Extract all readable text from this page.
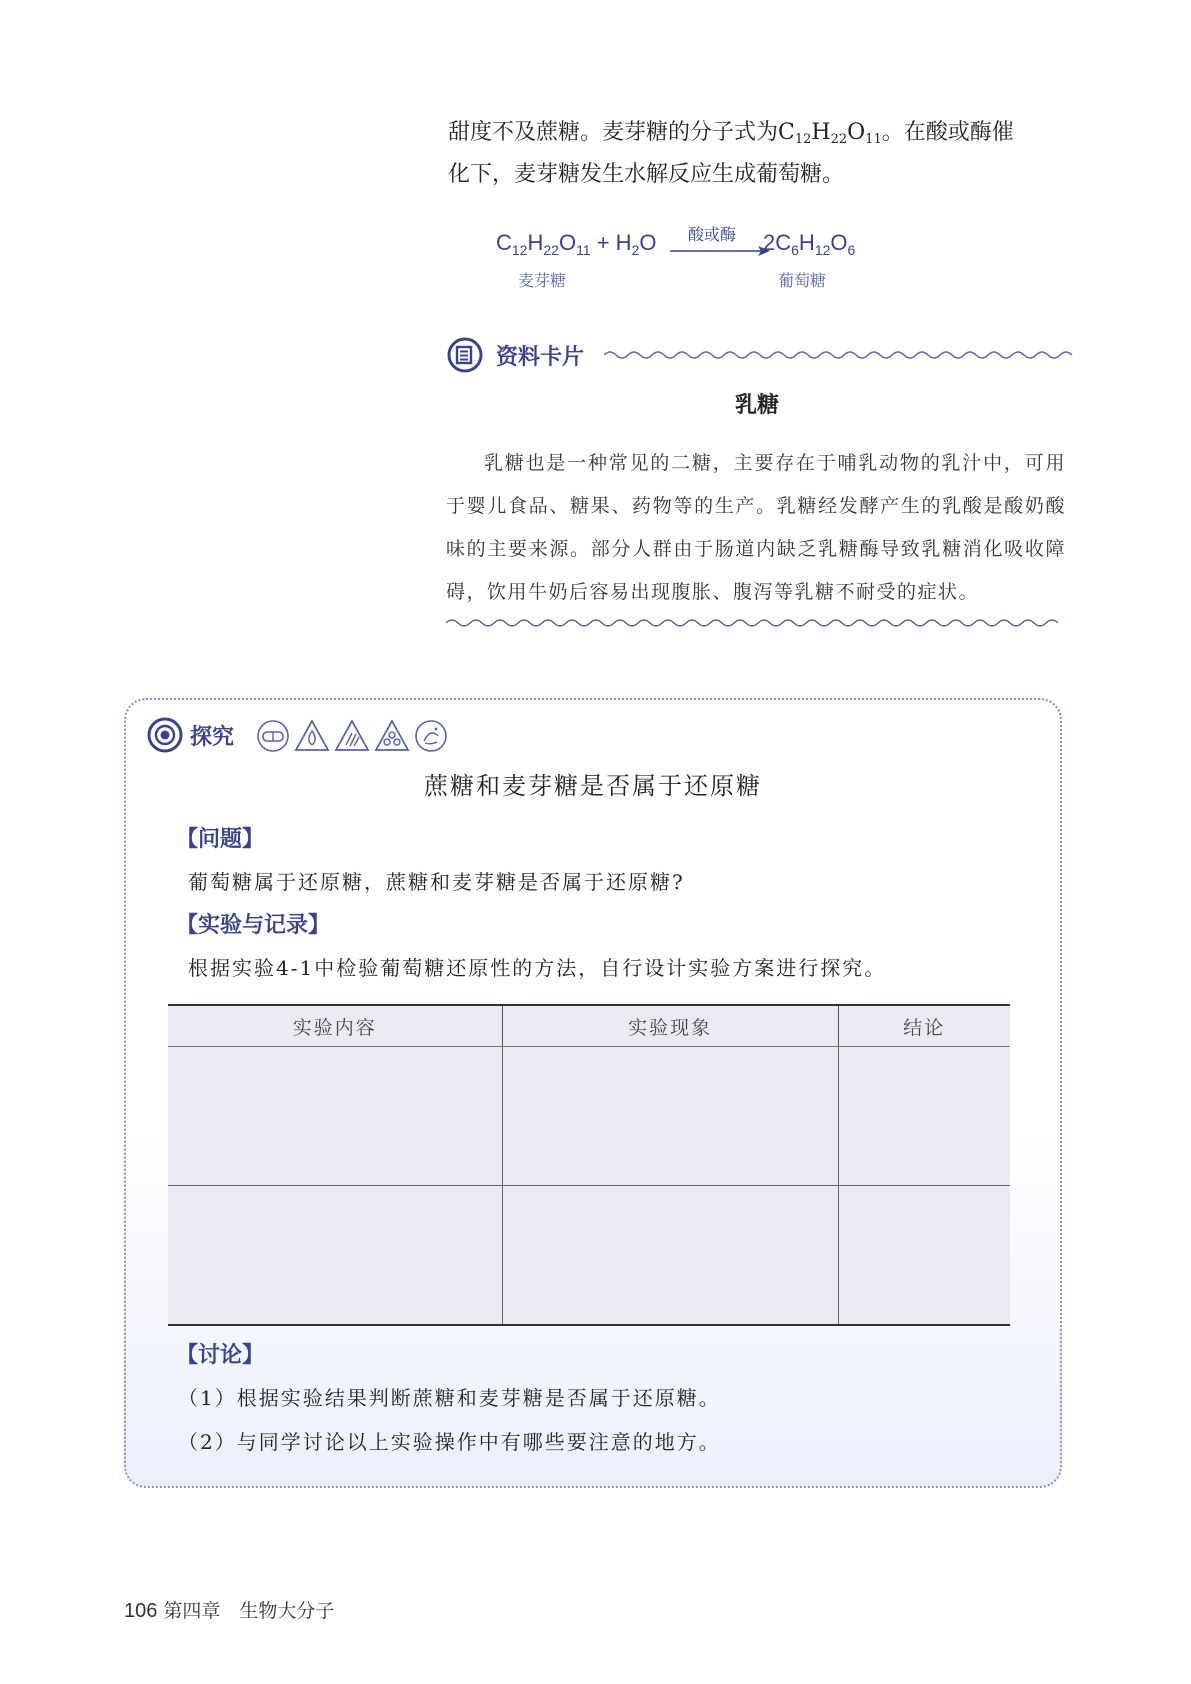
甜度不及蔗糖。麦芽糖的分子式为$C_{12}H_{22}O_{11}$。在酸或酶催

化下，麦芽糖发生水解反应生成葡萄糖。

$C_{12}H_{22}O_{11} + H_2O$ 酸或酶 $2C_6H_{12}O_6$
麦芽糖	葡萄糖
资料卡片
乳糖

乳糖也是一种常见的二糖，主要存在于哺乳动物的乳汁中，可用于婴儿食品、糖果、药物等的生产。乳糖经发酵产生的乳酸是酸奶酸味的主要来源。部分人群由于肠道内缺乏乳糖酶导致乳糖消化吸收障碍，饮用牛奶后容易出现腹胀、腹泻等乳糖不耐受的症状。

探究
蔗糖和麦芽糖是否属于还原糖
【问题】
葡萄糖属于还原糖，蔗糖和麦芽糖是否属于还原糖?
【实验与记录】
根据实验4-1中检验葡萄糖还原性的方法，自行设计实验方案进行探究。
实验内容	实验现象	结论

【讨论】
（1）根据实验结果判断蔗糖和麦芽糖是否属于还原糖。
（2）与同学讨论以上实验操作中有哪些要注意的地方。
106 第四章　生物大分子
